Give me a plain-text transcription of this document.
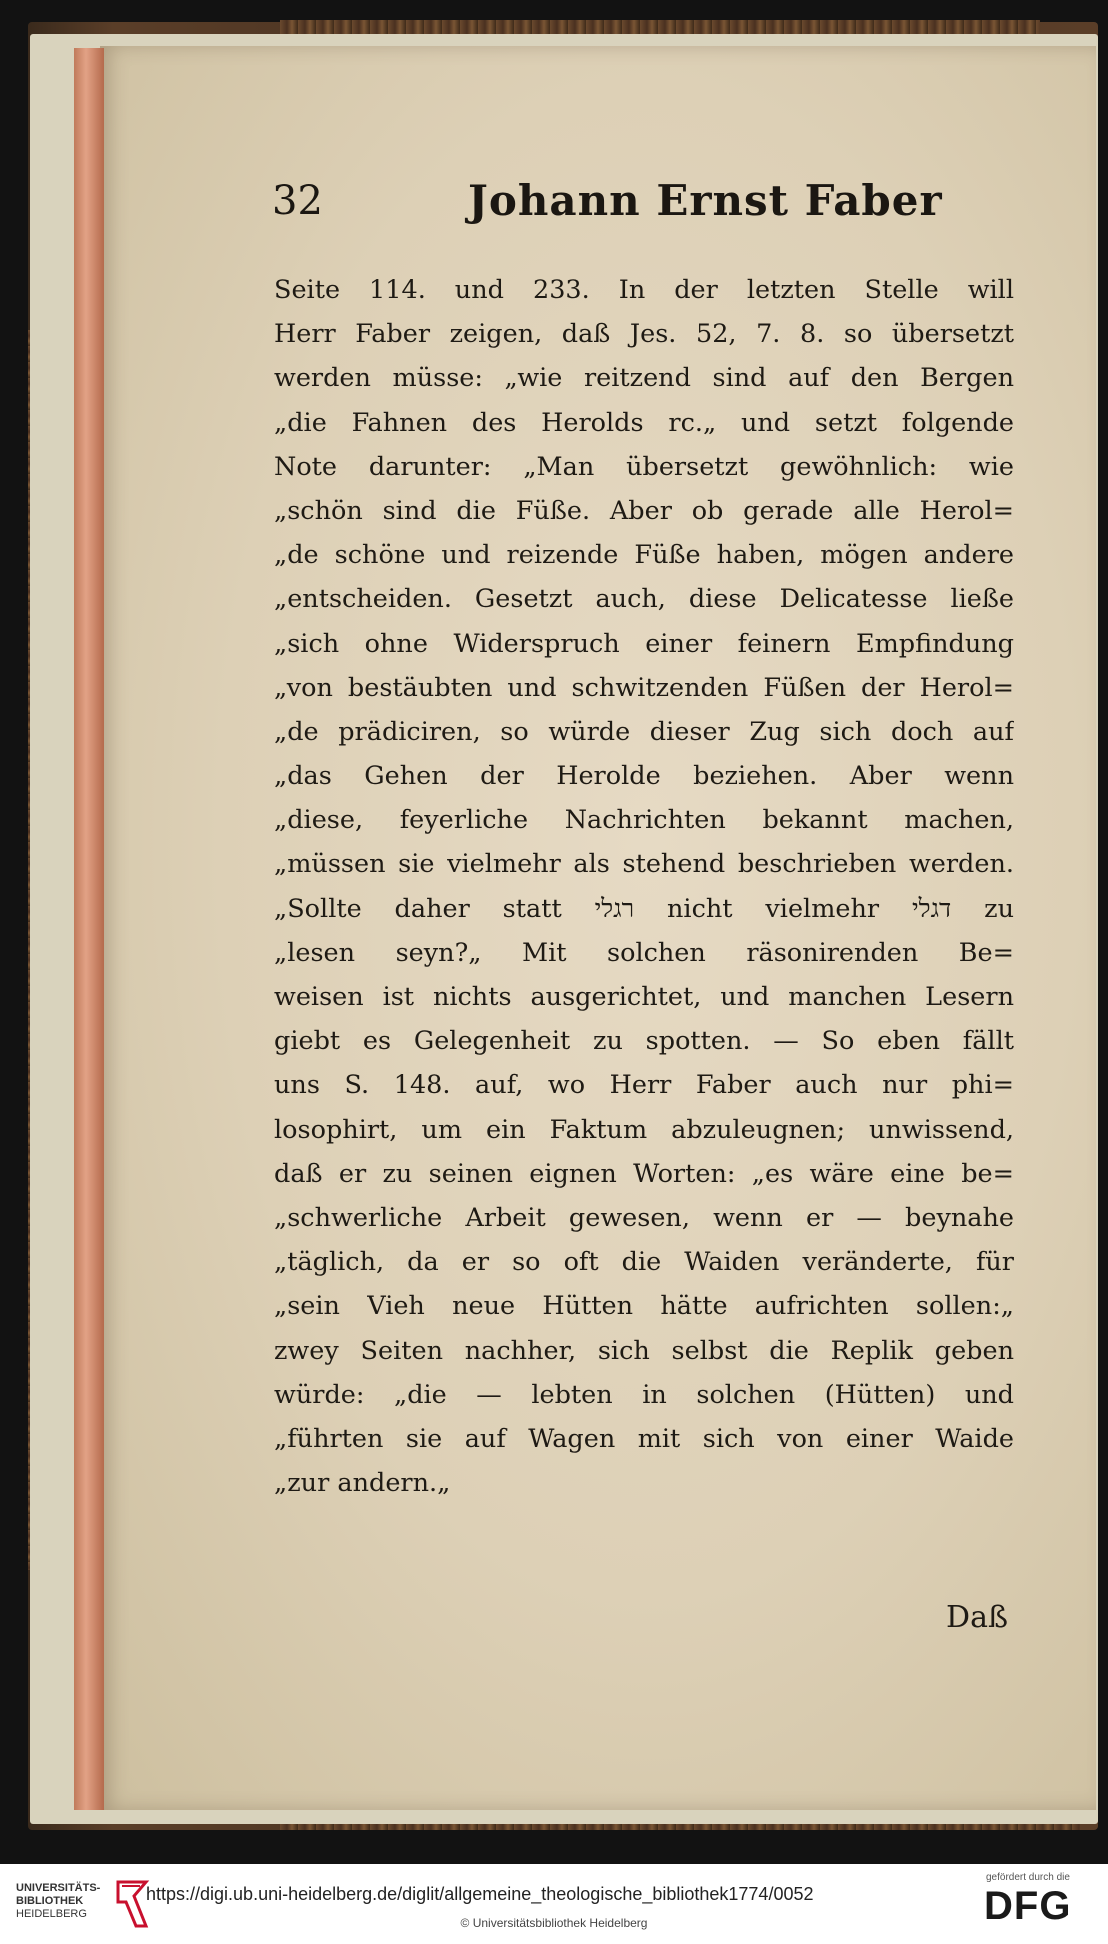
32	Johann Ernst Faber
Seite 114. und 233. In der letzten Stelle will
Herr Faber zeigen, daß Jes. 52, 7. 8. so übersetzt
werden müsse: „wie reitzend sind auf den Bergen
„die Fahnen des Herolds rc.„ und setzt folgende
Note darunter: „Man übersetzt gewöhnlich: wie
„schön sind die Füße. Aber ob gerade alle Herol=
„de schöne und reizende Füße haben, mögen andere
„entscheiden. Gesetzt auch, diese Delicatesse ließe
„sich ohne Widerspruch einer feinern Empfindung
„von bestäubten und schwitzenden Füßen der Herol=
„de prädiciren, so würde dieser Zug sich doch auf
„das Gehen der Herolde beziehen. Aber wenn
„diese, feyerliche Nachrichten bekannt machen,
„müssen sie vielmehr als stehend beschrieben werden.
„Sollte daher statt רגלי nicht vielmehr דגלי zu
„lesen seyn?„ Mit solchen räsonirenden Be=
weisen ist nichts ausgerichtet, und manchen Lesern
giebt es Gelegenheit zu spotten. — So eben fällt
uns S. 148. auf, wo Herr Faber auch nur phi=
losophirt, um ein Faktum abzuleugnen; unwissend,
daß er zu seinen eignen Worten: „es wäre eine be=
„schwerliche Arbeit gewesen, wenn er — beynahe
„täglich, da er so oft die Waiden veränderte, für
„sein Vieh neue Hütten hätte aufrichten sollen:„
zwey Seiten nachher, sich selbst die Replik geben
würde: „die — lebten in solchen (Hütten) und
„führten sie auf Wagen mit sich von einer Waide
„zur andern.„
Daß
UNIVERSITÄTS-
BIBLIOTHEK
HEIDELBERG
https://digi.ub.uni-heidelberg.de/diglit/allgemeine_theologische_bibliothek1774/0052
© Universitätsbibliothek Heidelberg
gefördert durch die
DFG
